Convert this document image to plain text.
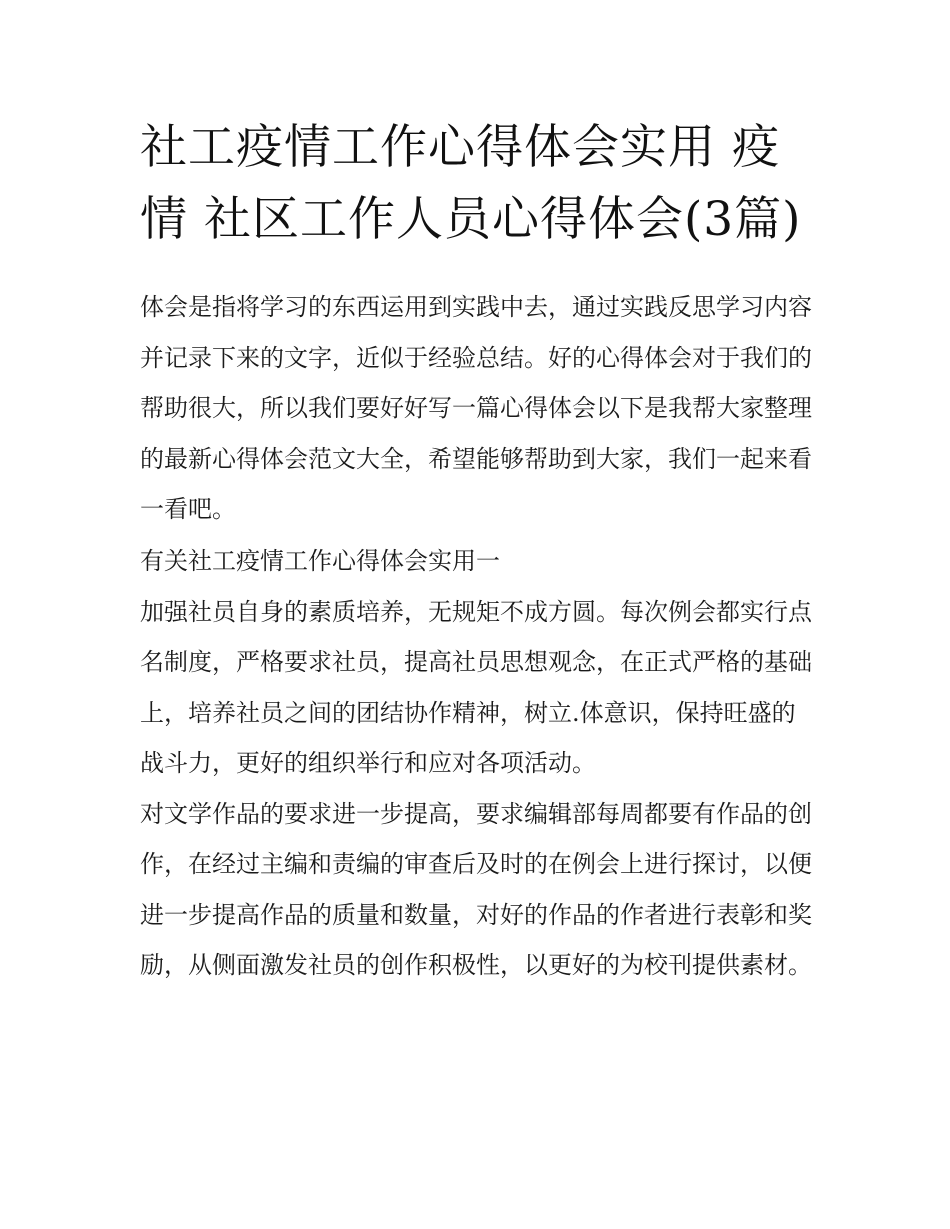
社工疫情工作心得体会实用 疫情 社区工作人员心得体会(3篇)

体会是指将学习的东西运用到实践中去，通过实践反思学习内容并记录下来的文字，近似于经验总结。好的心得体会对于我们的帮助很大，所以我们要好好写一篇心得体会以下是我帮大家整理的最新心得体会范文大全，希望能够帮助到大家，我们一起来看一看吧。

有关社工疫情工作心得体会实用一

加强社员自身的素质培养，无规矩不成方圆。每次例会都实行点名制度，严格要求社员，提高社员思想观念，在正式严格的基础上，培养社员之间的团结协作精神，树立.体意识，保持旺盛的战斗力，更好的组织举行和应对各项活动。

对文学作品的要求进一步提高，要求编辑部每周都要有作品的创作，在经过主编和责编的审查后及时的在例会上进行探讨，以便进一步提高作品的质量和数量，对好的作品的作者进行表彰和奖励，从侧面激发社员的创作积极性，以更好的为校刊提供素材。
